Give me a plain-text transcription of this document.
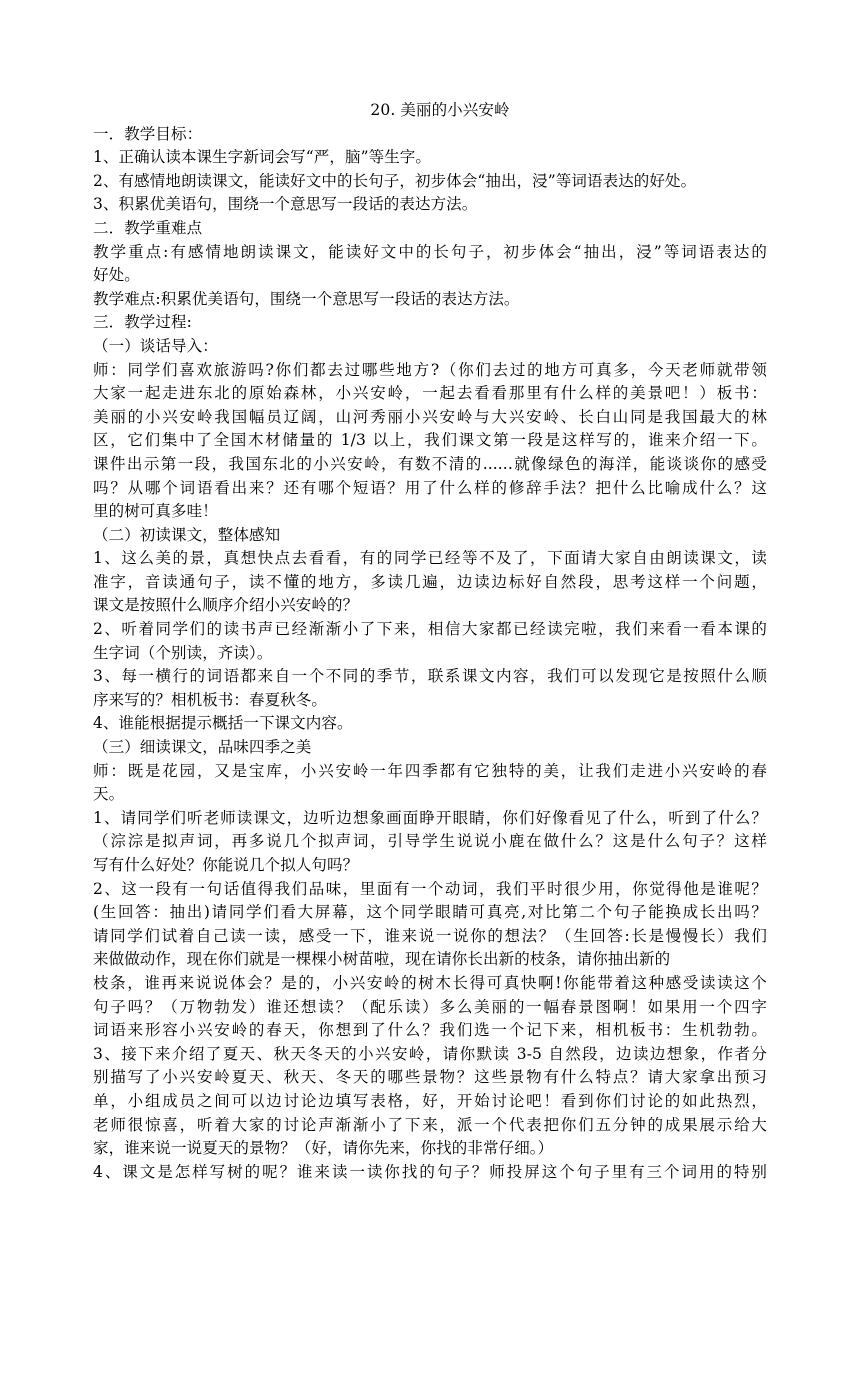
20. 美丽的小兴安岭

一．教学目标：

1、正确认读本课生字新词会写“严，脑”等生字。

2、有感情地朗读课文，能读好文中的长句子，初步体会“抽出，浸”等词语表达的好处。

3、积累优美语句，围绕一个意思写一段话的表达方法。

二．教学重难点

教学重点:有感情地朗读课文，能读好文中的长句子，初步体会“抽出，浸”等词语表达的

好处。

教学难点:积累优美语句，围绕一个意思写一段话的表达方法。

三．教学过程:

（一）谈话导入：

师：同学们喜欢旅游吗?你们都去过哪些地方?（你们去过的地方可真多，今天老师就带领

大家一起走进东北的原始森林，小兴安岭，一起去看看那里有什么样的美景吧！）板书：

美丽的小兴安岭我国幅员辽阔，山河秀丽小兴安岭与大兴安岭、长白山同是我国最大的林

区，它们集中了全国木材储量的 1/3 以上，我们课文第一段是这样写的，谁来介绍一下。

课件出示第一段，我国东北的小兴安岭，有数不清的......就像绿色的海洋，能谈谈你的感受

吗？从哪个词语看出来？还有哪个短语？用了什么样的修辞手法？把什么比喻成什么？这

里的树可真多哇！

（二）初读课文，整体感知

1、这么美的景，真想快点去看看，有的同学已经等不及了，下面请大家自由朗读课文，读

准字，音读通句子，读不懂的地方，多读几遍，边读边标好自然段，思考这样一个问题，

课文是按照什么顺序介绍小兴安岭的？

2、听着同学们的读书声已经渐渐小了下来，相信大家都已经读完啦，我们来看一看本课的

生字词（个别读，齐读）。

3、每一横行的词语都来自一个不同的季节，联系课文内容，我们可以发现它是按照什么顺

序来写的？相机板书：春夏秋冬。

4、谁能根据提示概括一下课文内容。

（三）细读课文，品味四季之美

师：既是花园，又是宝库，小兴安岭一年四季都有它独特的美，让我们走进小兴安岭的春

天。

1、请同学们听老师读课文，边听边想象画面睁开眼睛，你们好像看见了什么，听到了什么？

（淙淙是拟声词，再多说几个拟声词，引导学生说说小鹿在做什么？这是什么句子？这样

写有什么好处？你能说几个拟人句吗？

2、这一段有一句话值得我们品味，里面有一个动词，我们平时很少用，你觉得他是谁呢？

(生回答：抽出)请同学们看大屏幕，这个同学眼睛可真亮,对比第二个句子能换成长出吗？

请同学们试着自己读一读，感受一下，谁来说一说你的想法？（生回答:长是慢慢长）我们

来做做动作，现在你们就是一棵棵小树苗啦，现在请你长出新的枝条，请你抽出新的

枝条，谁再来说说体会？是的，小兴安岭的树木长得可真快啊!你能带着这种感受读读这个

句子吗？（万物勃发）谁还想读？（配乐读）多么美丽的一幅春景图啊！如果用一个四字

词语来形容小兴安岭的春天，你想到了什么？我们选一个记下来，相机板书：生机勃勃。

3、接下来介绍了夏天、秋天冬天的小兴安岭，请你默读 3-5 自然段，边读边想象，作者分

别描写了小兴安岭夏天、秋天、冬天的哪些景物？这些景物有什么特点？请大家拿出预习

单，小组成员之间可以边讨论边填写表格，好，开始讨论吧！看到你们讨论的如此热烈，

老师很惊喜，听着大家的讨论声渐渐小了下来，派一个代表把你们五分钟的成果展示给大

家，谁来说一说夏天的景物？（好，请你先来，你找的非常仔细。）

4、课文是怎样写树的呢？谁来读一读你找的句子？师投屏这个句子里有三个词用的特别
